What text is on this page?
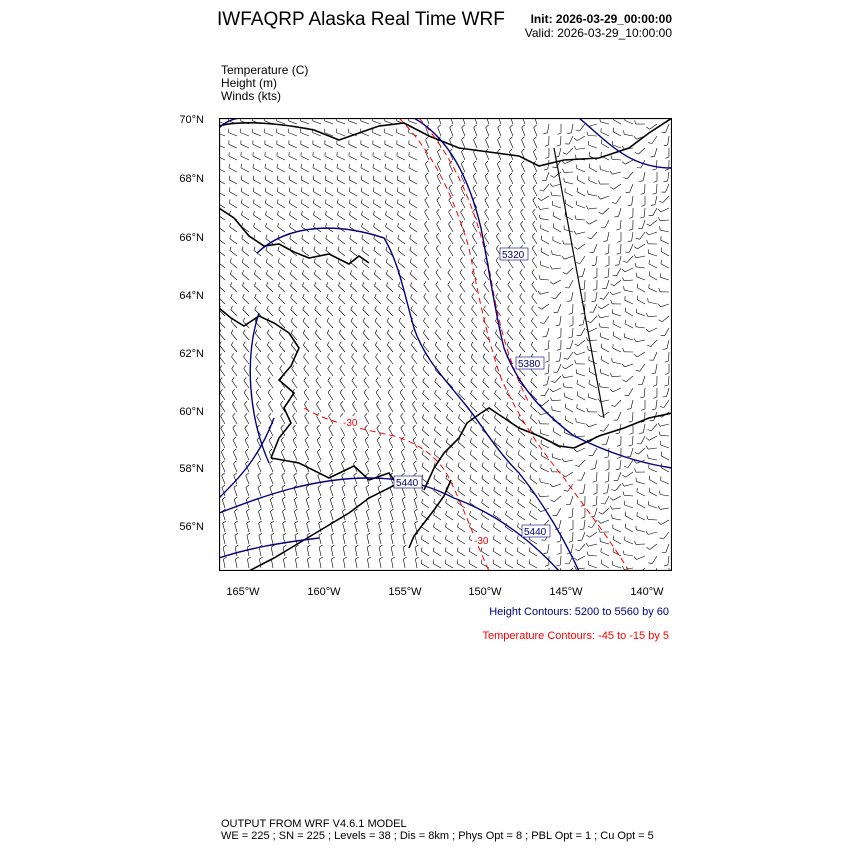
IWFAQRP Alaska Real Time WRF Init: 2026-03-29_00:00:00
Valid: 2026-03-29_10:00:00
Temperature (C)
Height (m)
Winds (kts)
70°N
68°N
66°N
64°N
62°N
60°N
58°N
56°N
165°W	160°W	155°W	150°W	145°W	140°W
5320
5380
5440
5440
-30
-30
Height Contours: 5200 to 5560 by 60
Temperature Contours: -45 to -15 by 5
OUTPUT FROM WRF V4.6.1 MODEL
WE = 225 ; SN = 225 ; Levels = 38 ; Dis = 8km ; Phys Opt = 8 ; PBL Opt = 1 ; Cu Opt = 5
